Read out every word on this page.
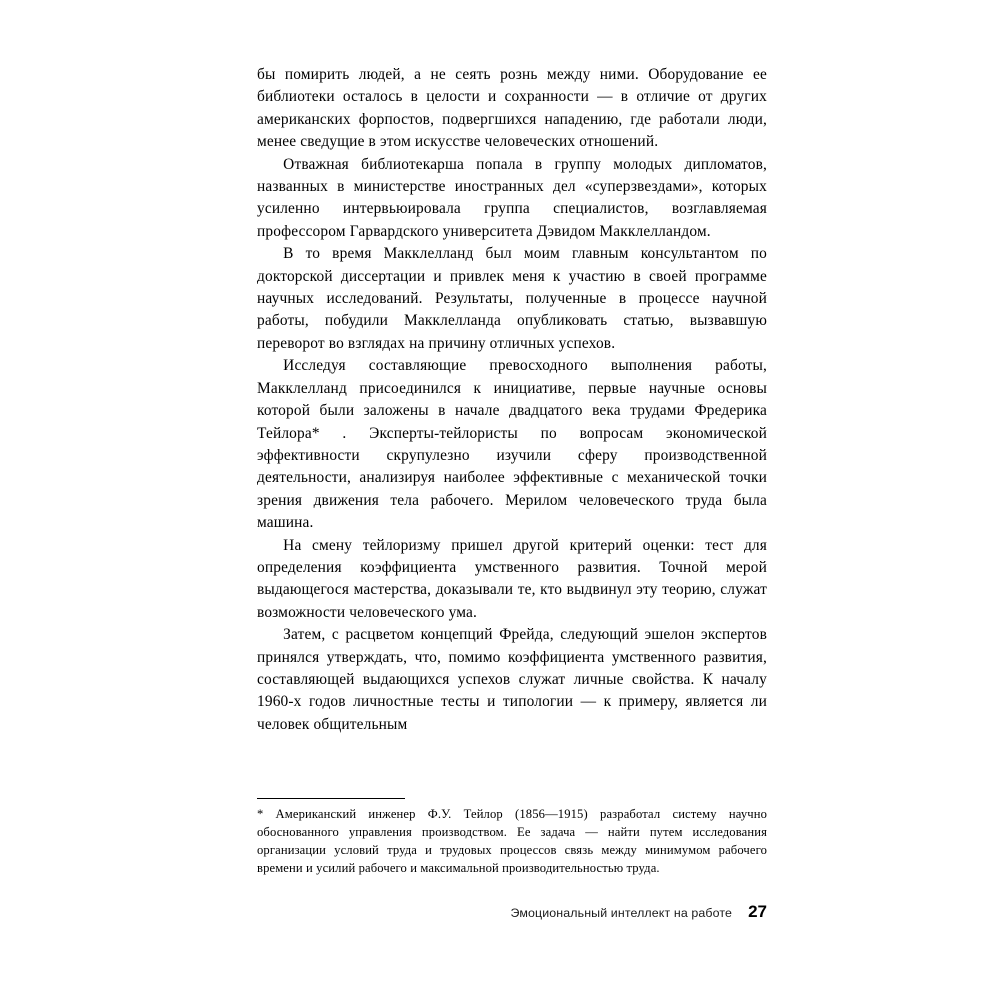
бы помирить людей, а не сеять рознь между ними. Оборудование ее библиотеки осталось в целости и сохранности — в отличие от других американских форпостов, подвергшихся нападению, где работали люди, менее сведущие в этом искусстве человеческих отношений.

Отважная библиотекарша попала в группу молодых дипломатов, названных в министерстве иностранных дел «суперзвездами», которых усиленно интервьюировала группа специалистов, возглавляемая профессором Гарвардского университета Дэвидом Макклелландом.

В то время Макклелланд был моим главным консультантом по докторской диссертации и привлек меня к участию в своей программе научных исследований. Результаты, полученные в процессе научной работы, побудили Макклелланда опубликовать статью, вызвавшую переворот во взглядах на причину отличных успехов.

Исследуя составляющие превосходного выполнения работы, Макклелланд присоединился к инициативе, первые научные основы которой были заложены в начале двадцатого века трудами Фредерика Тейлора* . Эксперты-тейлористы по вопросам экономической эффективности скрупулезно изучили сферу производственной деятельности, анализируя наиболее эффективные с механической точки зрения движения тела рабочего. Мерилом человеческого труда была машина.

На смену тейлоризму пришел другой критерий оценки: тест для определения коэффициента умственного развития. Точной мерой выдающегося мастерства, доказывали те, кто выдвинул эту теорию, служат возможности человеческого ума.

Затем, с расцветом концепций Фрейда, следующий эшелон экспертов принялся утверждать, что, помимо коэффициента умственного развития, составляющей выдающихся успехов служат личные свойства. К началу 1960-х годов личностные тесты и типологии — к примеру, является ли человек общительным

* Американский инженер Ф.У. Тейлор (1856—1915) разработал систему научно обоснованного управления производством. Ее задача — найти путем исследования организации условий труда и трудовых процессов связь между минимумом рабочего времени и усилий рабочего и максимальной производительностью труда.

Эмоциональный интеллект на работе 27
